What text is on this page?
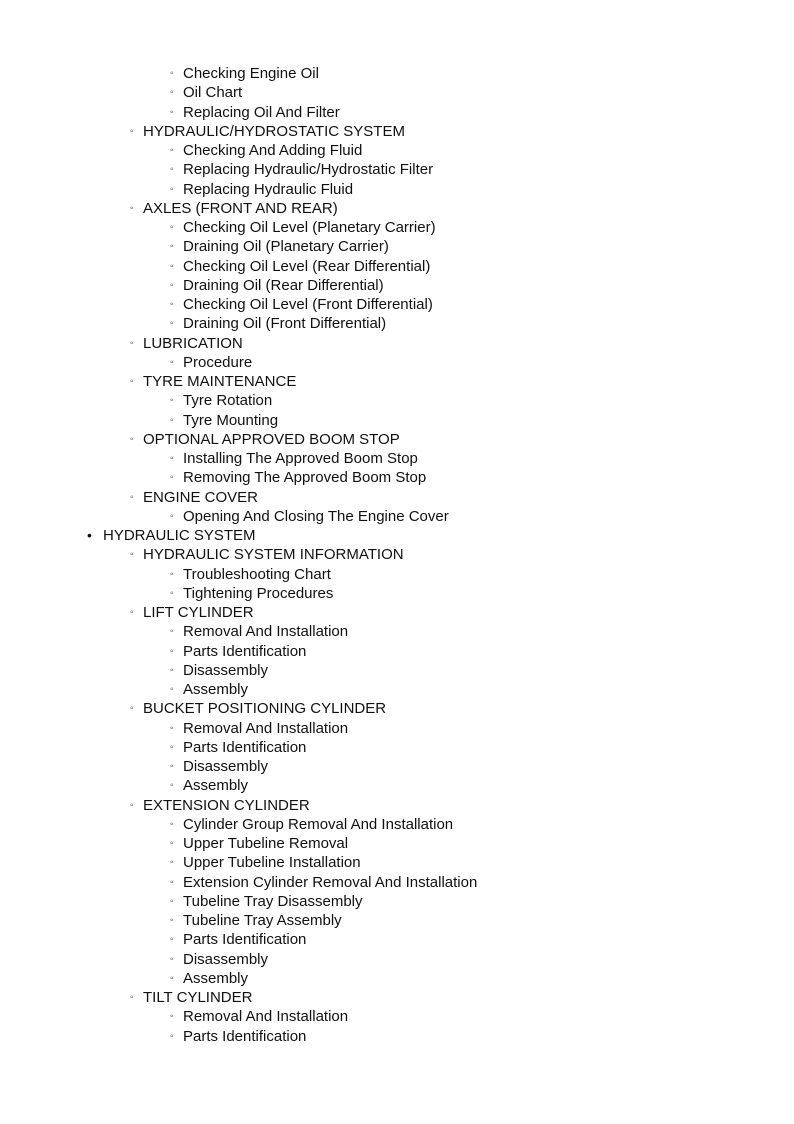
◦ Checking Engine Oil
◦ Oil Chart
◦ Replacing Oil And Filter
◦ HYDRAULIC/HYDROSTATIC SYSTEM
◦ Checking And Adding Fluid
◦ Replacing Hydraulic/Hydrostatic Filter
◦ Replacing Hydraulic Fluid
◦ AXLES (FRONT AND REAR)
◦ Checking Oil Level (Planetary Carrier)
◦ Draining Oil (Planetary Carrier)
◦ Checking Oil Level (Rear Differential)
◦ Draining Oil (Rear Differential)
◦ Checking Oil Level (Front Differential)
◦ Draining Oil (Front Differential)
◦ LUBRICATION
◦ Procedure
◦ TYRE MAINTENANCE
◦ Tyre Rotation
◦ Tyre Mounting
◦ OPTIONAL APPROVED BOOM STOP
◦ Installing The Approved Boom Stop
◦ Removing The Approved Boom Stop
◦ ENGINE COVER
◦ Opening And Closing The Engine Cover
• HYDRAULIC SYSTEM
◦ HYDRAULIC SYSTEM INFORMATION
◦ Troubleshooting Chart
◦ Tightening Procedures
◦ LIFT CYLINDER
◦ Removal And Installation
◦ Parts Identification
◦ Disassembly
◦ Assembly
◦ BUCKET POSITIONING CYLINDER
◦ Removal And Installation
◦ Parts Identification
◦ Disassembly
◦ Assembly
◦ EXTENSION CYLINDER
◦ Cylinder Group Removal And Installation
◦ Upper Tubeline Removal
◦ Upper Tubeline Installation
◦ Extension Cylinder Removal And Installation
◦ Tubeline Tray Disassembly
◦ Tubeline Tray Assembly
◦ Parts Identification
◦ Disassembly
◦ Assembly
◦ TILT CYLINDER
◦ Removal And Installation
◦ Parts Identification
